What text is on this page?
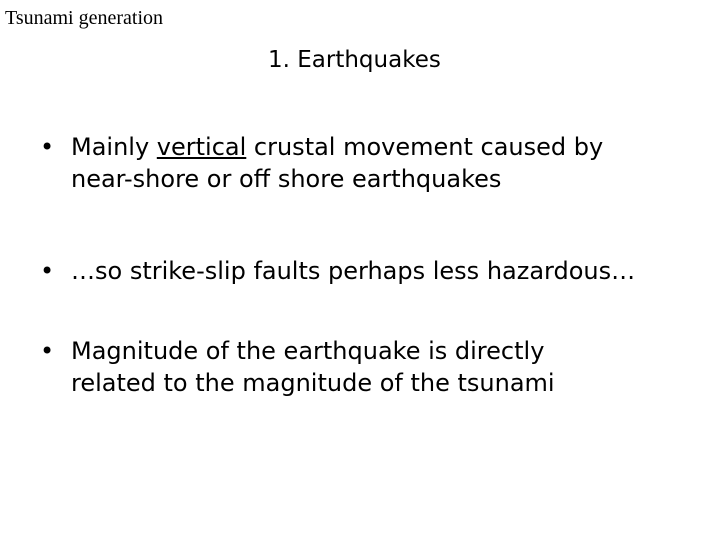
Tsunami generation
1. Earthquakes
• Mainly vertical crustal movement caused by
near-shore or off shore earthquakes
• …so strike-slip faults perhaps less hazardous…
• Magnitude of the earthquake is directly
related to the magnitude of the tsunami
